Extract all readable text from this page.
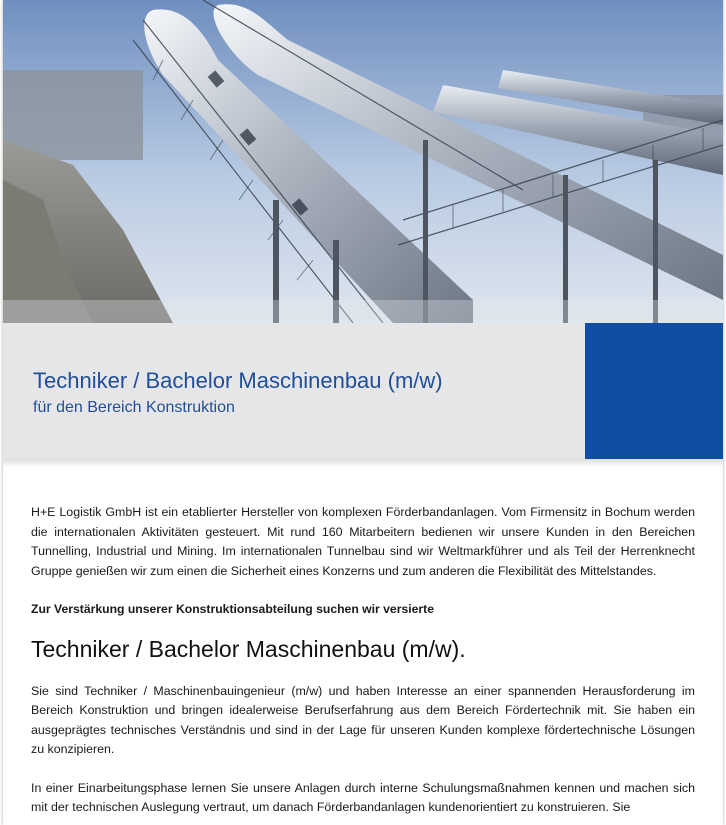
Techniker / Bachelor Maschinenbau (m/w)
für den Bereich Konstruktion

H+E Logistik GmbH ist ein etablierter Hersteller von komplexen Förderbandanlagen. Vom Firmensitz in Bochum werden die internationalen Aktivitäten gesteuert. Mit rund 160 Mitarbeitern bedienen wir unsere Kunden in den Bereichen Tunnelling, Industrial und Mining. Im internationalen Tunnelbau sind wir Weltmarkführer und als Teil der Herrenknecht Gruppe genießen wir zum einen die Sicherheit eines Konzerns und zum anderen die Flexibilität des Mittelstandes.

Zur Verstärkung unserer Konstruktionsabteilung suchen wir versierte

Techniker / Bachelor Maschinenbau (m/w).

Sie sind Techniker / Maschinenbauingenieur (m/w) und haben Interesse an einer spannenden Herausforderung im Bereich Konstruktion und bringen idealerweise Berufserfahrung aus dem Bereich Fördertechnik mit. Sie haben ein ausgeprägtes technisches Verständnis und sind in der Lage für unseren Kunden komplexe fördertechnische Lösungen zu konzipieren.

In einer Einarbeitungsphase lernen Sie unsere Anlagen durch interne Schulungsmaßnahmen kennen und machen sich mit der technischen Auslegung vertraut, um danach Förderbandanlagen kundenorientiert zu konstruieren. Sie
